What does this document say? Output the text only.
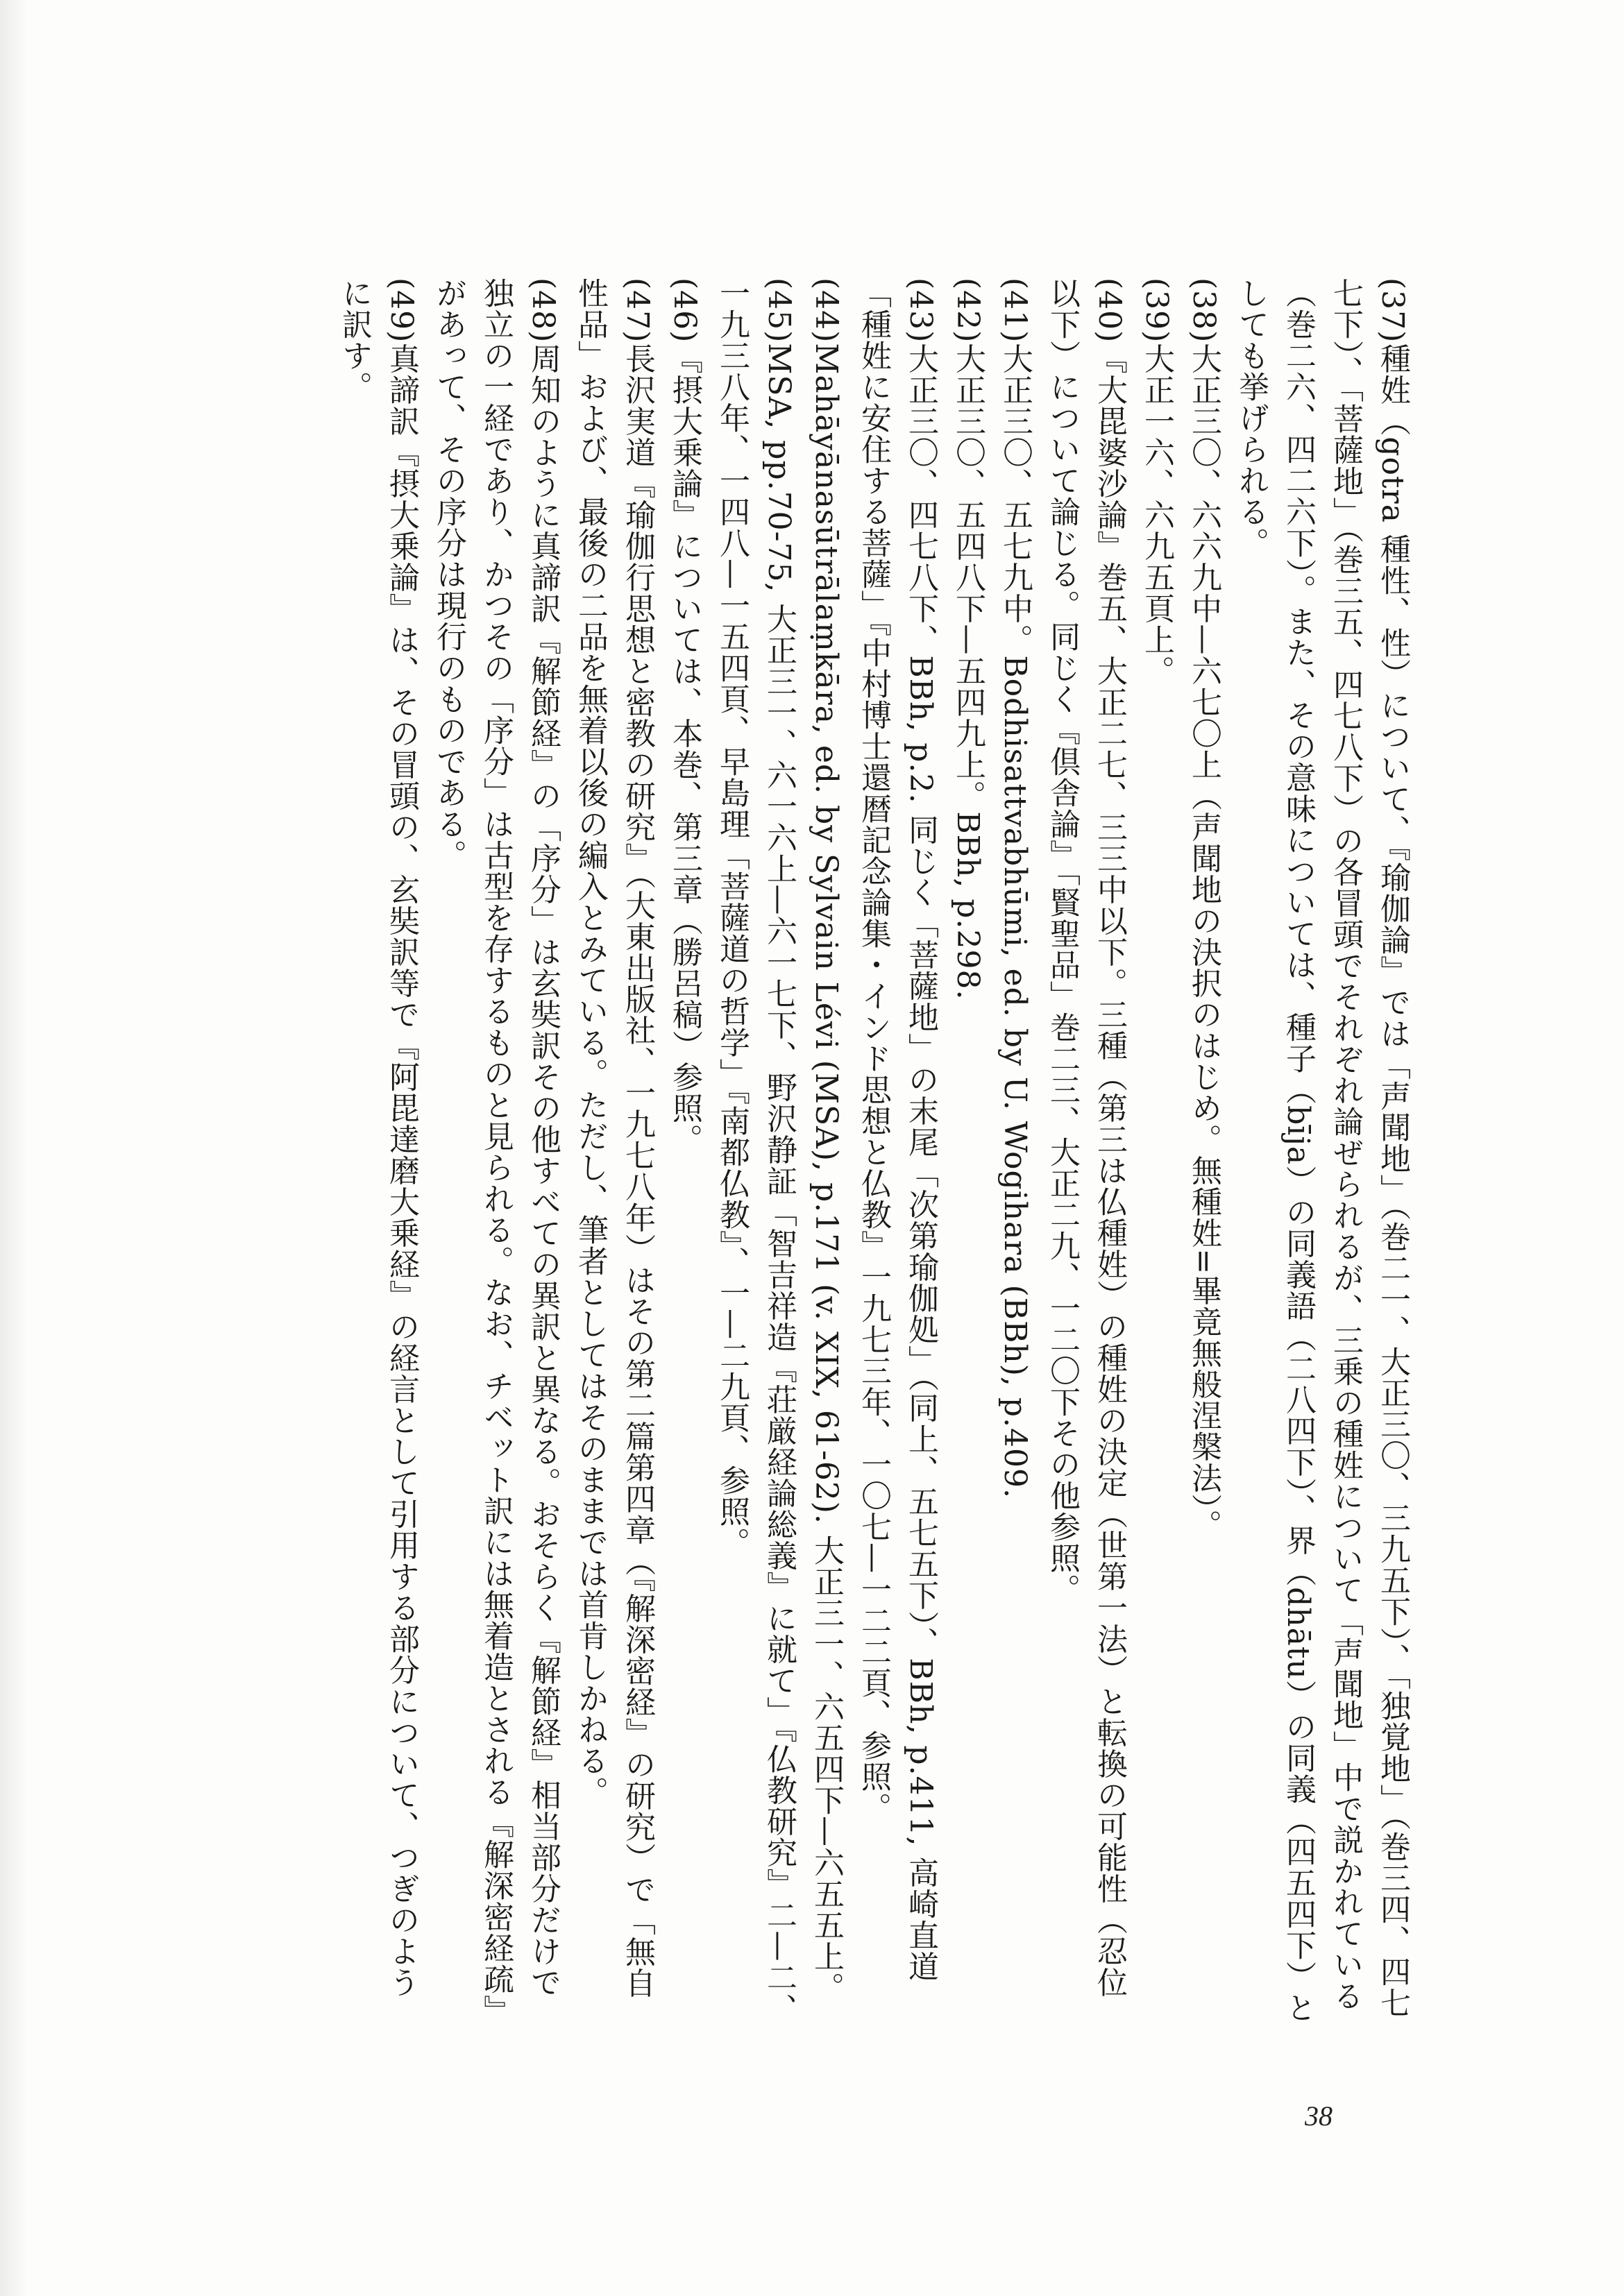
(37)種姓（gotra 種性、性）について、『瑜伽論』では「声聞地」（巻二一、大正三〇、三九五下）、「独覚地」（巻三四、四七七下）、「菩薩地」（巻三五、四七八下）の各冒頭でそれぞれ論ぜられるが、三乗の種姓について「声聞地」中で説かれている（巻二六、四二六下）。また、その意味については、種子（bīja）の同義語（二八四下）、界（dhātu）の同義（四五四下）としても挙げられる。

(38)大正三〇、六六九中—六七〇上（声聞地の決択のはじめ。無種姓=畢竟無般涅槃法）。

(39)大正一六、六九五頁上。

(40)『大毘婆沙論』巻五、大正二七、三三中以下。三種（第三は仏種姓）の種姓の決定（世第一法）と転換の可能性（忍位以下）について論じる。同じく『倶舎論』「賢聖品」巻二三、大正二九、一二〇下その他参照。

(41)大正三〇、五七九中。Bodhisattvabhūmi, ed. by U. Wogihara (BBh), p.409.

(42)大正三〇、五四八下—五四九上。BBh, p.298.

(43)大正三〇、四七八下、BBh, p.2. 同じく「菩薩地」の末尾「次第瑜伽処」（同上、五七五下）、BBh, p.411, 高崎直道「種姓に安住する菩薩」『中村博士還暦記念論集・インド思想と仏教』一九七三年、一〇七—一二二頁、参照。

(44)Mahāyānasūtrālaṃkāra, ed. by Sylvain Lévi (MSA), p.171 (v. XIX, 61-62). 大正三一、六五四下—六五五上。

(45)MSA, pp.70-75, 大正三一、六一六上—六一七下、野沢静証「智吉祥造『荘厳経論総義』に就て」『仏教研究』二—二、一九三八年、一四八—一五四頁、早島理「菩薩道の哲学」『南都仏教』、一—二九頁、参照。

(46)『摂大乗論』については、本巻、第三章（勝呂稿）参照。

(47)長沢実道『瑜伽行思想と密教の研究』（大東出版社、一九七八年）はその第二篇第四章（『解深密経』の研究）で「無自性品」および、最後の二品を無着以後の編入とみている。ただし、筆者としてはそのままでは首肯しかねる。

(48)周知のように真諦訳『解節経』の「序分」は玄奘訳その他すべての異訳と異なる。おそらく『解節経』相当部分だけで独立の一経であり、かつその「序分」は古型を存するものと見られる。なお、チベット訳には無着造とされる『解深密経疏』があって、その序分は現行のものである。

(49)真諦訳『摂大乗論』は、その冒頭の、玄奘訳等で『阿毘達磨大乗経』の経言として引用する部分について、つぎのように訳す。

38
